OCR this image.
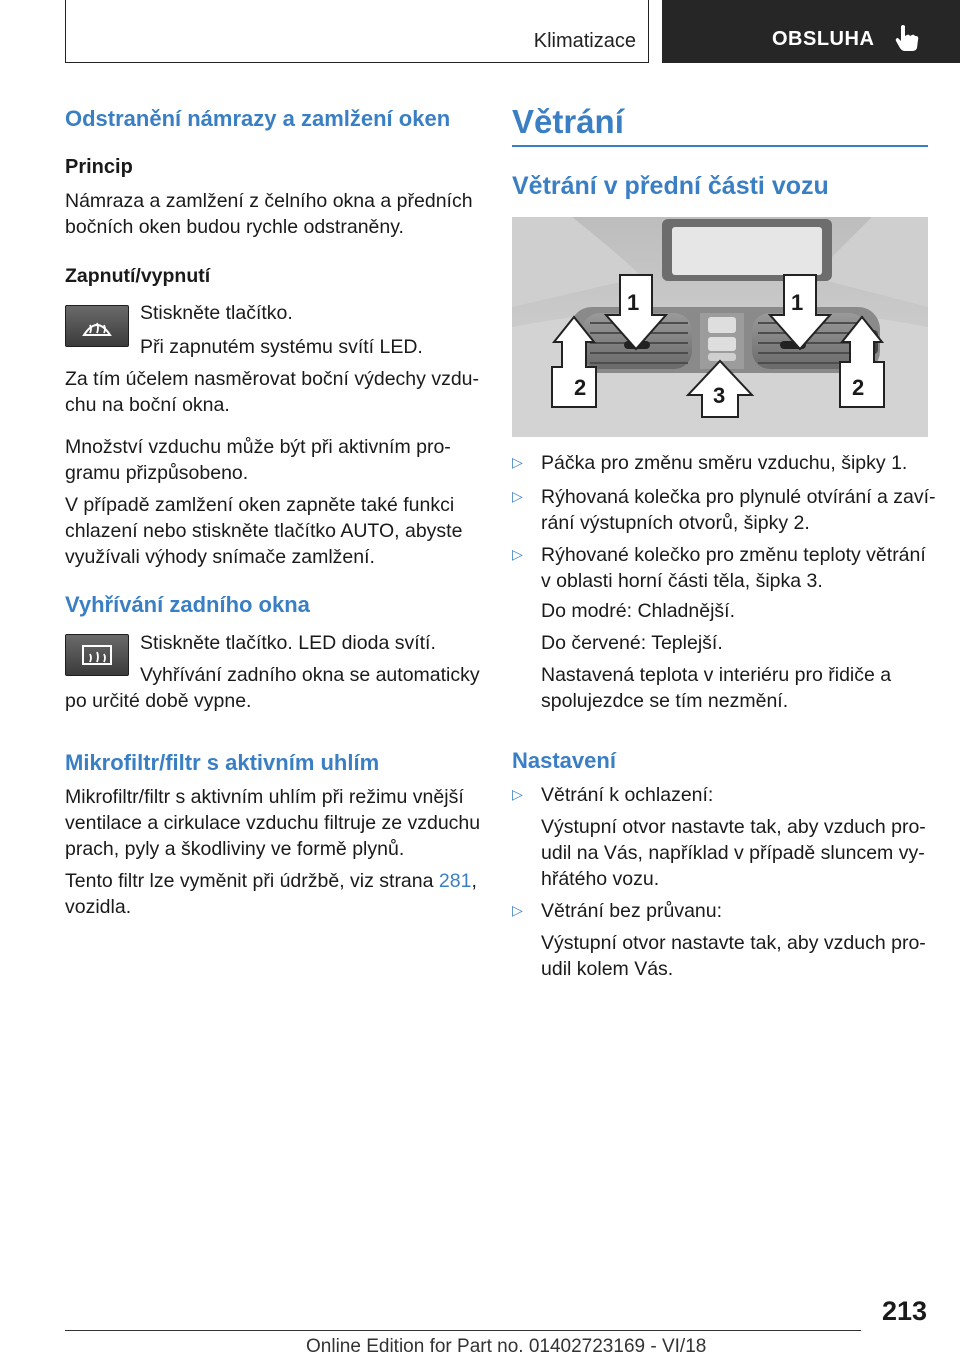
Klimatizace	OBSLUHA
Odstranění námrazy a zamlžení oken

Princip

Námraza a zamlžení z čelního okna a předních

bočních oken budou rychle odstraněny.

Zapnutí/vypnutí

Stiskněte tlačítko.

Při zapnutém systému svítí LED.

Za tím účelem nasměrovat boční výdechy vzdu‐

chu na boční okna.

Množství vzduchu může být při aktivním pro‐

gramu přizpůsobeno.

V případě zamlžení oken zapněte také funkci

chlazení nebo stiskněte tlačítko AUTO, abyste

využívali výhody snímače zamlžení.

Vyhřívání zadního okna

Stiskněte tlačítko. LED dioda svítí.

Vyhřívání zadního okna se automaticky

po určité době vypne.

Mikrofiltr/filtr s aktivním uhlím

Mikrofiltr/filtr s aktivním uhlím při režimu vnější

ventilace a cirkulace vzduchu filtruje ze vzduchu

prach, pyly a škodliviny ve formě plynů.

Tento filtr lze vyměnit při údržbě, viz strana 281,

vozidla.

Větrání
Větrání v přední části vozu
1	1
2	3	2
▷ Páčka pro změnu směru vzduchu, šipky 1.

▷ Rýhovaná kolečka pro plynulé otvírání a zaví‐

rání výstupních otvorů, šipky 2.

▷ Rýhované kolečko pro změnu teploty větrání

v oblasti horní části těla, šipka 3.

Do modré: Chladnější.

Do červené: Teplejší.

Nastavená teplota v interiéru pro řidiče a

spolujezdce se tím nezmění.

Nastavení
▷ Větrání k ochlazení:

Výstupní otvor nastavte tak, aby vzduch pro‐

udil na Vás, například v případě sluncem vy‐

hřátého vozu.

▷ Větrání bez průvanu:

Výstupní otvor nastavte tak, aby vzduch pro‐

udil kolem Vás.

213
Online Edition for Part no. 01402723169 - VI/18
